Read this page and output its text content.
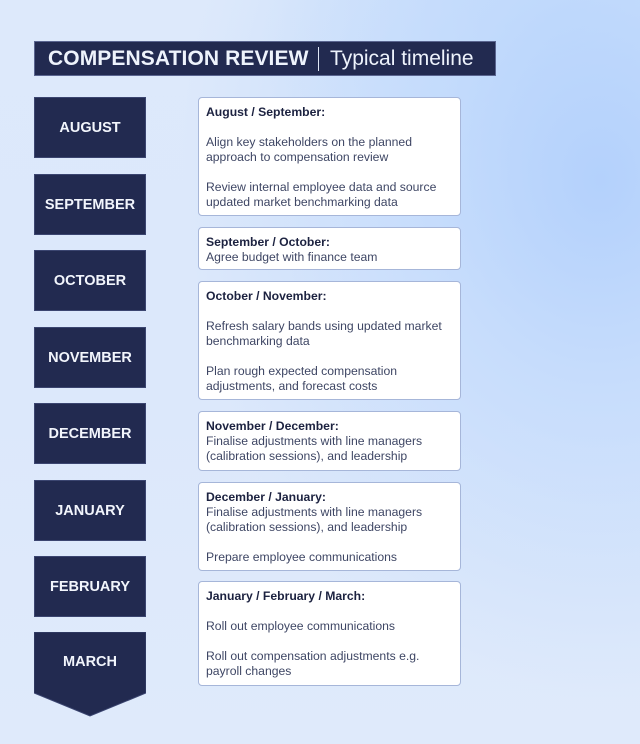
COMPENSATION REVIEW Typical timeline
AUGUST
SEPTEMBER
OCTOBER
NOVEMBER
DECEMBER
JANUARY
FEBRUARY
MARCH
August / September:
Align key stakeholders on the planned approach to compensation review
Review internal employee data and source updated market benchmarking data
September / October:
Agree budget with finance team
October / November:
Refresh salary bands using updated market benchmarking data
Plan rough expected compensation adjustments, and forecast costs
November / December:
Finalise adjustments with line managers (calibration sessions), and leadership
December / January:
Finalise adjustments with line managers (calibration sessions), and leadership
Prepare employee communications
January / February / March:
Roll out employee communications
Roll out compensation adjustments e.g. payroll changes
